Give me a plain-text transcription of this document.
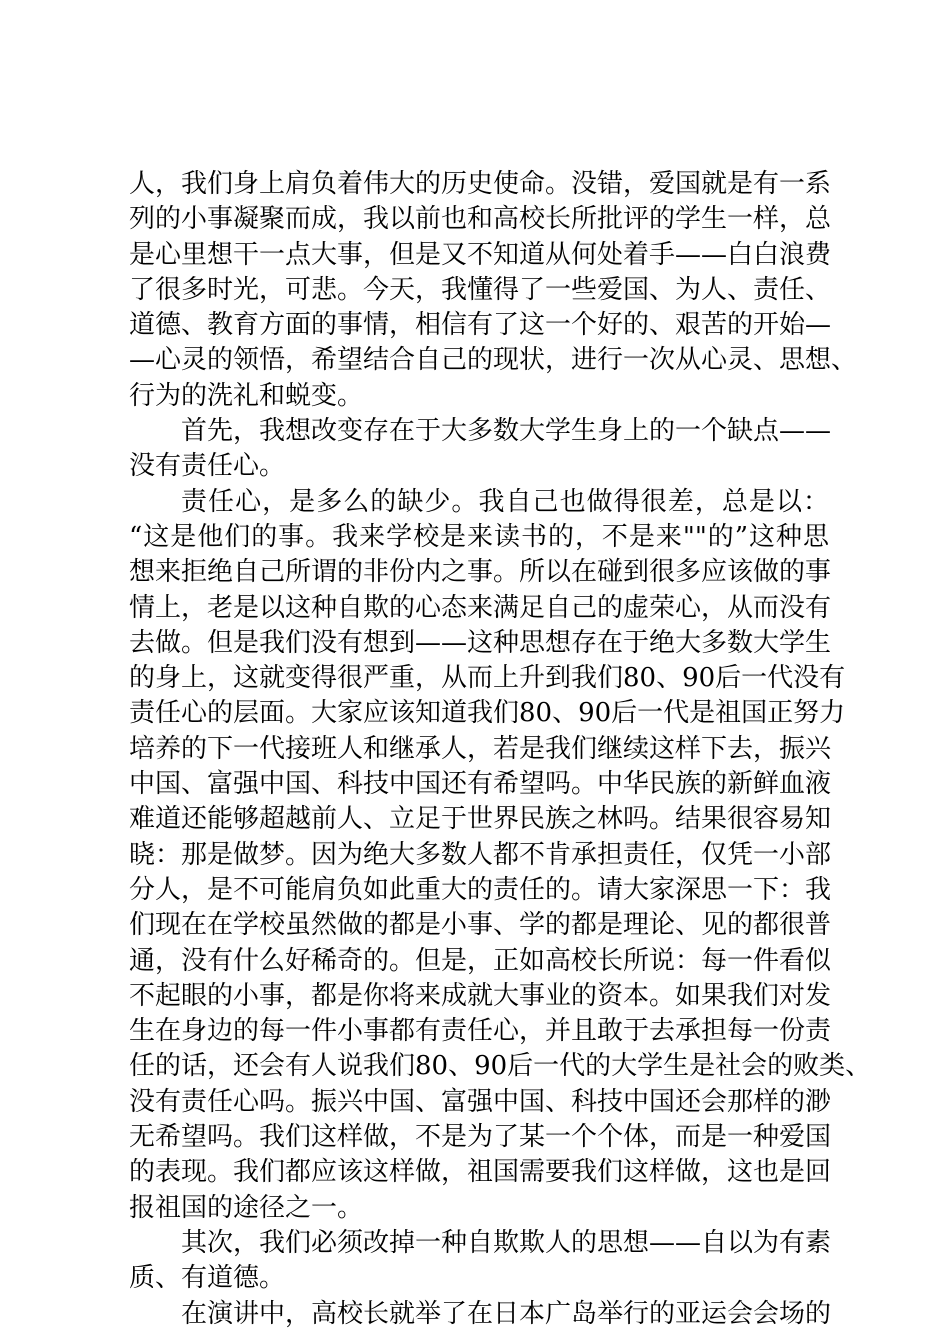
人，我们身上肩负着伟大的历史使命。没错，爱国就是有一系
列的小事凝聚而成，我以前也和高校长所批评的学生一样，总
是心里想干一点大事，但是又不知道从何处着手——白白浪费
了很多时光，可悲。今天，我懂得了一些爱国、为人、责任、
道德、教育方面的事情，相信有了这一个好的、艰苦的开始—
—心灵的领悟，希望结合自己的现状，进行一次从心灵、思想、
行为的洗礼和蜕变。
首先，我想改变存在于大多数大学生身上的一个缺点——
没有责任心。
责任心，是多么的缺少。我自己也做得很差，总是以：
“这是他们的事。我来学校是来读书的，不是来""的”这种思
想来拒绝自己所谓的非份内之事。所以在碰到很多应该做的事
情上，老是以这种自欺的心态来满足自己的虚荣心，从而没有
去做。但是我们没有想到——这种思想存在于绝大多数大学生
的身上，这就变得很严重，从而上升到我们80、90后一代没有
责任心的层面。大家应该知道我们80、90后一代是祖国正努力
培养的下一代接班人和继承人，若是我们继续这样下去，振兴
中国、富强中国、科技中国还有希望吗。中华民族的新鲜血液
难道还能够超越前人、立足于世界民族之林吗。结果很容易知
晓：那是做梦。因为绝大多数人都不肯承担责任，仅凭一小部
分人，是不可能肩负如此重大的责任的。请大家深思一下：我
们现在在学校虽然做的都是小事、学的都是理论、见的都很普
通，没有什么好稀奇的。但是，正如高校长所说：每一件看似
不起眼的小事，都是你将来成就大事业的资本。如果我们对发
生在身边的每一件小事都有责任心，并且敢于去承担每一份责
任的话，还会有人说我们80、90后一代的大学生是社会的败类、
没有责任心吗。振兴中国、富强中国、科技中国还会那样的渺
无希望吗。我们这样做，不是为了某一个个体，而是一种爱国
的表现。我们都应该这样做，祖国需要我们这样做，这也是回
报祖国的途径之一。
其次，我们必须改掉一种自欺欺人的思想——自以为有素
质、有道德。
在演讲中，高校长就举了在日本广岛举行的亚运会会场的
